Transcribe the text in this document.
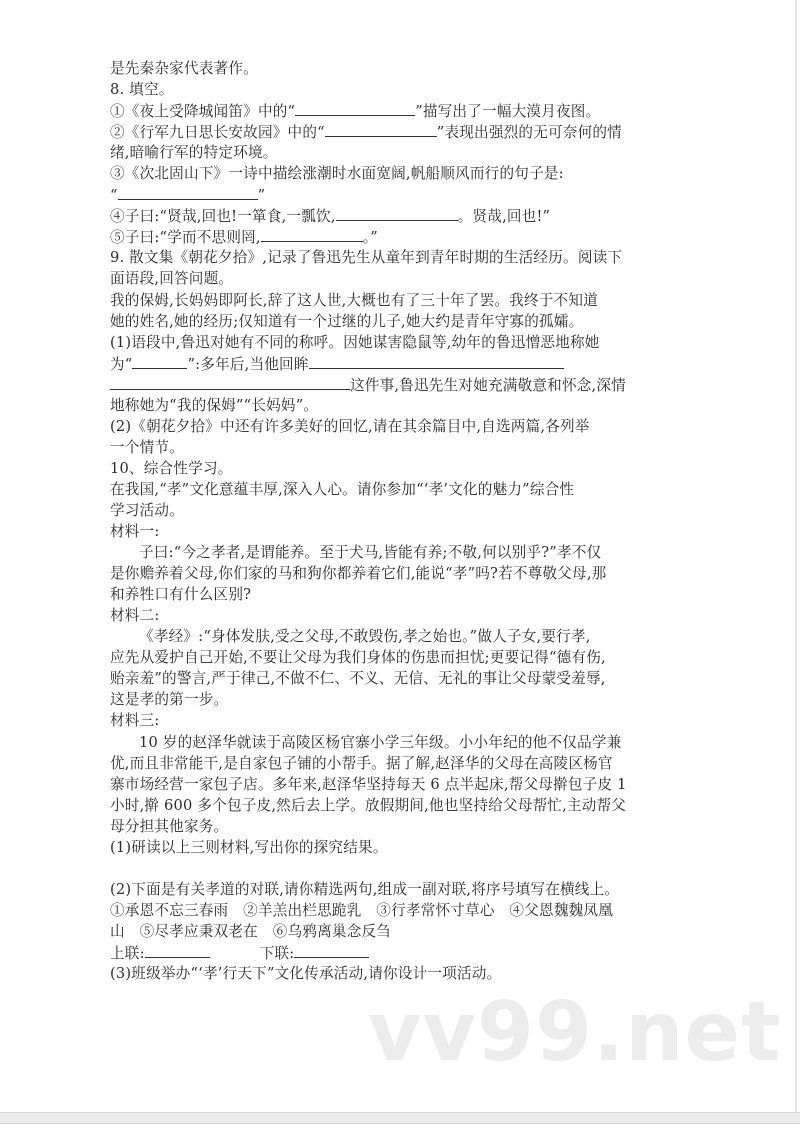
是先秦杂家代表著作。
8. 填空。
①《夜上受降城闻笛》中的“	”描写出了一幅大漠月夜图。
②《行军九日思长安故园》中的“	”表现出强烈的无可奈何的情
绪,暗喻行军的特定环境。
③《次北固山下》一诗中描绘涨潮时水面宽阔,帆船顺风而行的句子是:
“	”
④子曰:“贤哉,回也!一箪食,一瓢饮,	。贤哉,回也!”
⑤子曰:“学而不思则罔,	。”
9. 散文集《朝花夕拾》,记录了鲁迅先生从童年到青年时期的生活经历。阅读下
面语段,回答问题。
我的保姆,长妈妈即阿长,辞了这人世,大概也有了三十年了罢。我终于不知道
她的姓名,她的经历;仅知道有一个过继的儿子,她大约是青年守寡的孤孀。
(1)语段中,鲁迅对她有不同的称呼。因她谋害隐鼠等,幼年的鲁迅憎恶地称她
为“	”:多年后,当他回眸
这件事,鲁迅先生对她充满敬意和怀念,深情
地称她为“我的保姆”“长妈妈”。
(2)《朝花夕拾》中还有许多美好的回忆,请在其余篇目中,自选两篇,各列举
一个情节。
10、综合性学习。
在我国,“孝”文化意蕴丰厚,深入人心。请你参加“‘孝’文化的魅力”综合性
学习活动。
材料一:
子曰:“今之孝者,是谓能养。至于犬马,皆能有养;不敬,何以别乎?”孝不仅
是你赡养着父母,你们家的马和狗你都养着它们,能说“孝”吗?若不尊敬父母,那
和养牲口有什么区别?
材料二:
《孝经》:“身体发肤,受之父母,不敢毁伤,孝之始也。”做人子女,要行孝,
应先从爱护自己开始,不要让父母为我们身体的伤患而担忧;更要记得“德有伤,
贻亲羞”的警言,严于律己,不做不仁、不义、无信、无礼的事让父母蒙受羞辱,
这是孝的第一步。
材料三:
10 岁的赵泽华就读于高陵区杨官寨小学三年级。小小年纪的他不仅品学兼
优,而且非常能干,是自家包子铺的小帮手。据了解,赵泽华的父母在高陵区杨官
寨市场经营一家包子店。多年来,赵泽华坚持每天 6 点半起床,帮父母擀包子皮 1
小时,擀 600 多个包子皮,然后去上学。放假期间,他也坚持给父母帮忙,主动帮父
母分担其他家务。
(1)研读以上三则材料,写出你的探究结果。
(2)下面是有关孝道的对联,请你精选两句,组成一副对联,将序号填写在横线上。
①承恩不忘三春雨　②羊羔出栏思跪乳　③行孝常怀寸草心　④父恩魏魏凤凰
山　⑤尽孝应秉双老在　⑥乌鸦离巢念反刍
上联:	下联:
(3)班级举办“‘孝’行天下”文化传承活动,请你设计一项活动。
vv99.net
